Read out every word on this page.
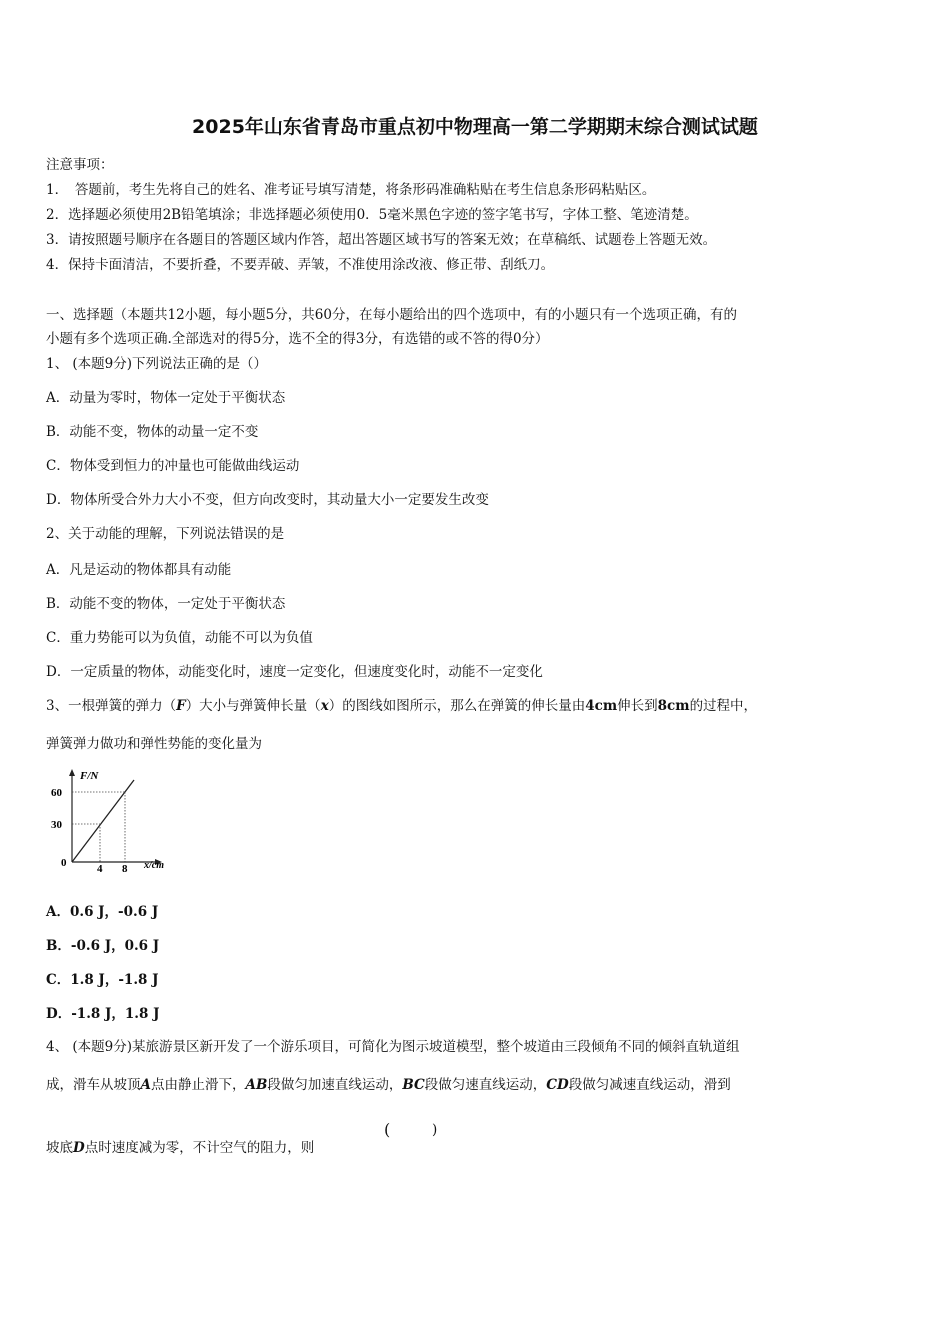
2025年山东省青岛市重点初中物理高一第二学期期末综合测试试题
注意事项：
1．　答题前，考生先将自己的姓名、准考证号填写清楚，将条形码准确粘贴在考生信息条形码粘贴区。
2．选择题必须使用2B铅笔填涂；非选择题必须使用0．5毫米黑色字迹的签字笔书写，字体工整、笔迹清楚。
3．请按照题号顺序在各题目的答题区域内作答，超出答题区域书写的答案无效；在草稿纸、试题卷上答题无效。
4．保持卡面清洁，不要折叠，不要弄破、弄皱，不准使用涂改液、修正带、刮纸刀。
一、选择题（本题共12小题，每小题5分，共60分，在每小题给出的四个选项中，有的小题只有一个选项正确，有的
小题有多个选项正确.全部选对的得5分，选不全的得3分，有选错的或不答的得0分）
1、 (本题9分)下列说法正确的是（）
A．动量为零时，物体一定处于平衡状态
B．动能不变，物体的动量一定不变
C．物体受到恒力的冲量也可能做曲线运动
D．物体所受合外力大小不变，但方向改变时，其动量大小一定要发生改变
2、关于动能的理解，下列说法错误的是
A．凡是运动的物体都具有动能
B．动能不变的物体，一定处于平衡状态
C．重力势能可以为负值，动能不可以为负值
D．一定质量的物体，动能变化时，速度一定变化，但速度变化时，动能不一定变化
3、一根弹簧的弹力（F）大小与弹簧伸长量（x）的图线如图所示，那么在弹簧的伸长量由4cm伸长到8cm的过程中，
弹簧弹力做功和弹性势能的变化量为
F/N
60
30
0	4 8 x/cm
A．0.6 J，-0.6 J
B．-0.6 J，0.6 J
C．1.8 J，-1.8 J
D．-1.8 J，1.8 J
4、 (本题9分)某旅游景区新开发了一个游乐项目，可简化为图示坡道模型，整个坡道由三段倾角不同的倾斜直轨道组
成，滑车从坡顶A点由静止滑下，AB段做匀加速直线运动，BC段做匀速直线运动，CD段做匀减速直线运动，滑到
坡底D点时速度减为零，不计空气的阻力，则
(	)
